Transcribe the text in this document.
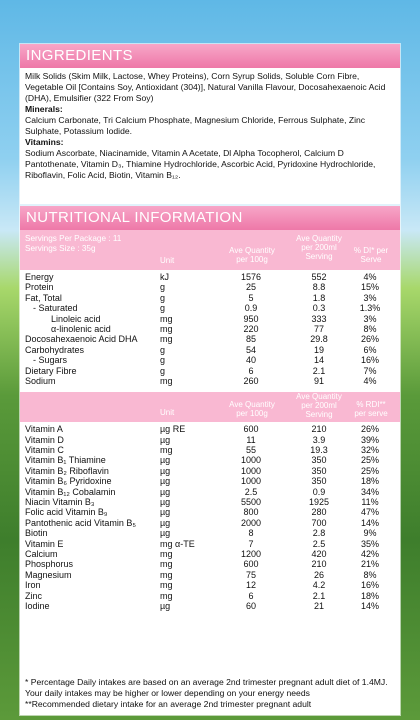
INGREDIENTS

Milk Solids (Skim Milk, Lactose, Whey Proteins), Corn Syrup Solids, Soluble Corn Fibre, Vegetable Oil [Contains Soy, Antioxidant (304)], Natural Vanilla Flavour, Docosahexaenoic Acid (DHA), Emulsifier (322 From Soy)

Minerals:

Calcium Carbonate, Tri Calcium Phosphate, Magnesium Chloride, Ferrous Sulphate, Zinc Sulphate, Potassium Iodide.

Vitamins:

Sodium Ascorbate, Niacinamide, Vitamin A Acetate, Dl Alpha Tocopherol, Calcium D Pantothenate, Vitamin D₃, Thiamine Hydrochloride, Ascorbic Acid, Pyridoxine Hydrochloride, Riboflavin, Folic Acid, Biotin, Vitamin B₁₂.

NUTRITIONAL INFORMATION
Servings Per Package : 11
Servings Size : 35g
Unit
Ave Quantity per 100g
Ave Quantity per 200ml Serving
% DI* per Serve
Energy	kJ	1576	552	4%
Protein	g	25	8.8	15%
Fat, Total	g	5	1.8	3%
- Saturated	g	0.9	0.3	1.3%
Linoleic acid	mg	950	333	3%
α-linolenic acid	mg	220	77	8%
Docosahexaenoic Acid DHA mg	85	29.8	26%
Carbohydrates	g	54	19	6%
- Sugars	g	40	14	16%
Dietary Fibre	g	6	2.1	7%
Sodium	mg	260	91	4%
Unit
Ave Quantity per 100g
Ave Quantity per 200ml Serving
% RDI** per serve
Vitamin A	µg RE	600	210	26%
Vitamin D	µg	11	3.9	39%
Vitamin C	mg	55	19.3	32%
Vitamin B₁ Thiamine	µg	1000	350	25%
Vitamin B₂ Riboflavin	µg	1000	350	25%
Vitamin B₆ Pyridoxine	µg	1000	350	18%
Vitamin B₁₂ Cobalamin	µg	2.5	0.9	34%
Niacin Vitamin B₃	µg	5500	1925	11%
Folic acid Vitamin B₉	µg	800	280	47%
Pantothenic acid Vitamin B₅	µg	2000	700	14%
Biotin	µg	8	2.8	9%
Vitamin E	mg α-TE	7	2.5	35%
Calcium	mg	1200	420	42%
Phosphorus	mg	600	210	21%
Magnesium	mg	75	26	8%
Iron	mg	12	4.2	16%
Zinc	mg	6	2.1	18%
Iodine	µg	60	21	14%

* Percentage Daily intakes are based on an average 2nd trimester pregnant adult diet of 1.4MJ. Your daily intakes may be higher or lower depending on your energy needs

**Recommended dietary intake for an average 2nd trimester pregnant adult
